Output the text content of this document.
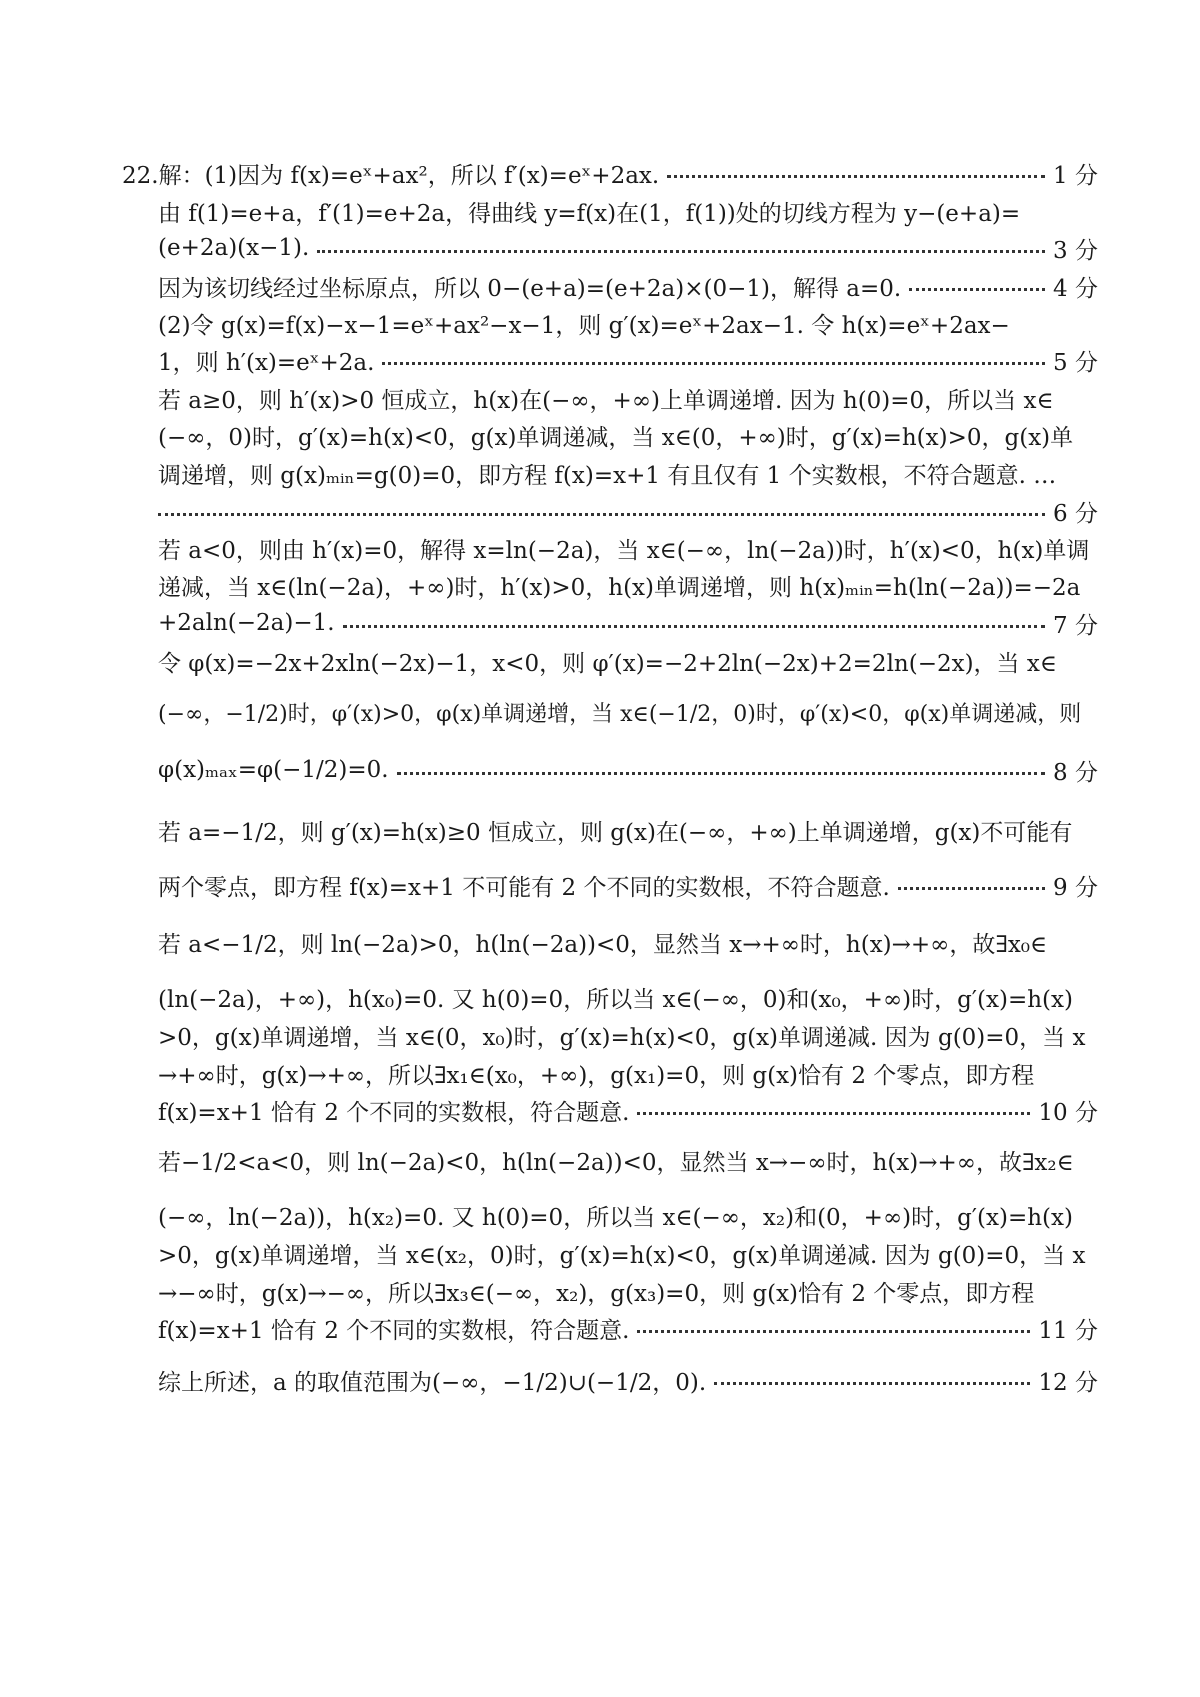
22.解：(1)因为 f(x)=eˣ+ax²，所以 f′(x)=eˣ+2ax.	1 分
由 f(1)=e+a，f′(1)=e+2a，得曲线 y=f(x)在(1，f(1))处的切线方程为 y−(e+a)=
(e+2a)(x−1).	3 分
因为该切线经过坐标原点，所以 0−(e+a)=(e+2a)×(0−1)，解得 a=0.	4 分
(2)令 g(x)=f(x)−x−1=eˣ+ax²−x−1，则 g′(x)=eˣ+2ax−1. 令 h(x)=eˣ+2ax−
1，则 h′(x)=eˣ+2a.	5 分
若 a≥0，则 h′(x)>0 恒成立，h(x)在(−∞，+∞)上单调递增. 因为 h(0)=0，所以当 x∈
(−∞，0)时，g′(x)=h(x)<0，g(x)单调递减，当 x∈(0，+∞)时，g′(x)=h(x)>0，g(x)单
调递增，则 g(x)ₘᵢₙ=g(0)=0，即方程 f(x)=x+1 有且仅有 1 个实数根，不符合题意. …
6 分
若 a<0，则由 h′(x)=0，解得 x=ln(−2a)，当 x∈(−∞，ln(−2a))时，h′(x)<0，h(x)单调
递减，当 x∈(ln(−2a)，+∞)时，h′(x)>0，h(x)单调递增，则 h(x)ₘᵢₙ=h(ln(−2a))=−2a
+2aln(−2a)−1.	7 分
令 φ(x)=−2x+2xln(−2x)−1，x<0，则 φ′(x)=−2+2ln(−2x)+2=2ln(−2x)，当 x∈
(−∞，−1/2)时，φ′(x)>0，φ(x)单调递增，当 x∈(−1/2，0)时，φ′(x)<0，φ(x)单调递减，则
φ(x)ₘₐₓ=φ(−1/2)=0.	8 分
若 a=−1/2，则 g′(x)=h(x)≥0 恒成立，则 g(x)在(−∞，+∞)上单调递增，g(x)不可能有
两个零点，即方程 f(x)=x+1 不可能有 2 个不同的实数根，不符合题意.	9 分
若 a<−1/2，则 ln(−2a)>0，h(ln(−2a))<0，显然当 x→+∞时，h(x)→+∞，故∃x₀∈
(ln(−2a)，+∞)，h(x₀)=0. 又 h(0)=0，所以当 x∈(−∞，0)和(x₀，+∞)时，g′(x)=h(x)
>0，g(x)单调递增，当 x∈(0，x₀)时，g′(x)=h(x)<0，g(x)单调递减. 因为 g(0)=0，当 x
→+∞时，g(x)→+∞，所以∃x₁∈(x₀，+∞)，g(x₁)=0，则 g(x)恰有 2 个零点，即方程
f(x)=x+1 恰有 2 个不同的实数根，符合题意.	10 分
若−1/2<a<0，则 ln(−2a)<0，h(ln(−2a))<0，显然当 x→−∞时，h(x)→+∞，故∃x₂∈
(−∞，ln(−2a))，h(x₂)=0. 又 h(0)=0，所以当 x∈(−∞，x₂)和(0，+∞)时，g′(x)=h(x)
>0，g(x)单调递增，当 x∈(x₂，0)时，g′(x)=h(x)<0，g(x)单调递减. 因为 g(0)=0，当 x
→−∞时，g(x)→−∞，所以∃x₃∈(−∞，x₂)，g(x₃)=0，则 g(x)恰有 2 个零点，即方程
f(x)=x+1 恰有 2 个不同的实数根，符合题意.	11 分
综上所述，a 的取值范围为(−∞，−1/2)∪(−1/2，0).	12 分
